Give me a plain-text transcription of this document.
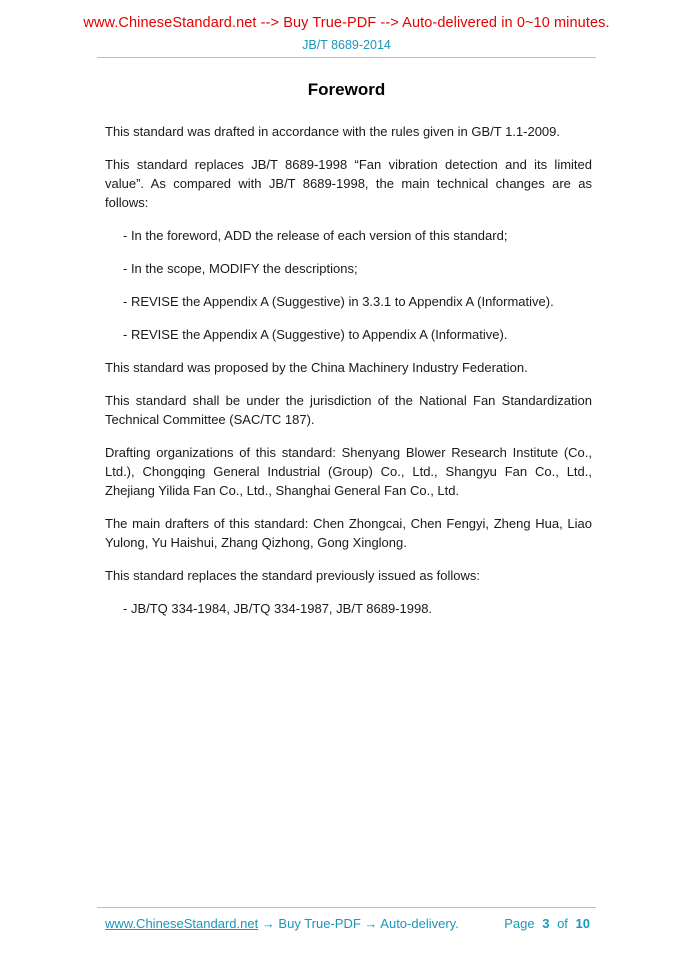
www.ChineseStandard.net --> Buy True-PDF --> Auto-delivered in 0~10 minutes.
JB/T 8689-2014
Foreword

This standard was drafted in accordance with the rules given in GB/T 1.1-2009.

This standard replaces JB/T 8689-1998 “Fan vibration detection and its limited value”. As compared with JB/T 8689-1998, the main technical changes are as follows:

- In the foreword, ADD the release of each version of this standard;

- In the scope, MODIFY the descriptions;

- REVISE the Appendix A (Suggestive) in 3.3.1 to Appendix A (Informative).

- REVISE the Appendix A (Suggestive) to Appendix A (Informative).

This standard was proposed by the China Machinery Industry Federation.

This standard shall be under the jurisdiction of the National Fan Standardization Technical Committee (SAC/TC 187).

Drafting organizations of this standard: Shenyang Blower Research Institute (Co., Ltd.), Chongqing General Industrial (Group) Co., Ltd., Shangyu Fan Co., Ltd., Zhejiang Yilida Fan Co., Ltd., Shanghai General Fan Co., Ltd.

The main drafters of this standard: Chen Zhongcai, Chen Fengyi, Zheng Hua, Liao Yulong, Yu Haishui, Zhang Qizhong, Gong Xinglong.

This standard replaces the standard previously issued as follows:

- JB/TQ 334-1984, JB/TQ 334-1987, JB/T 8689-1998.

www.ChineseStandard.net → Buy True-PDF → Auto-delivery.	Page 3 of 10
